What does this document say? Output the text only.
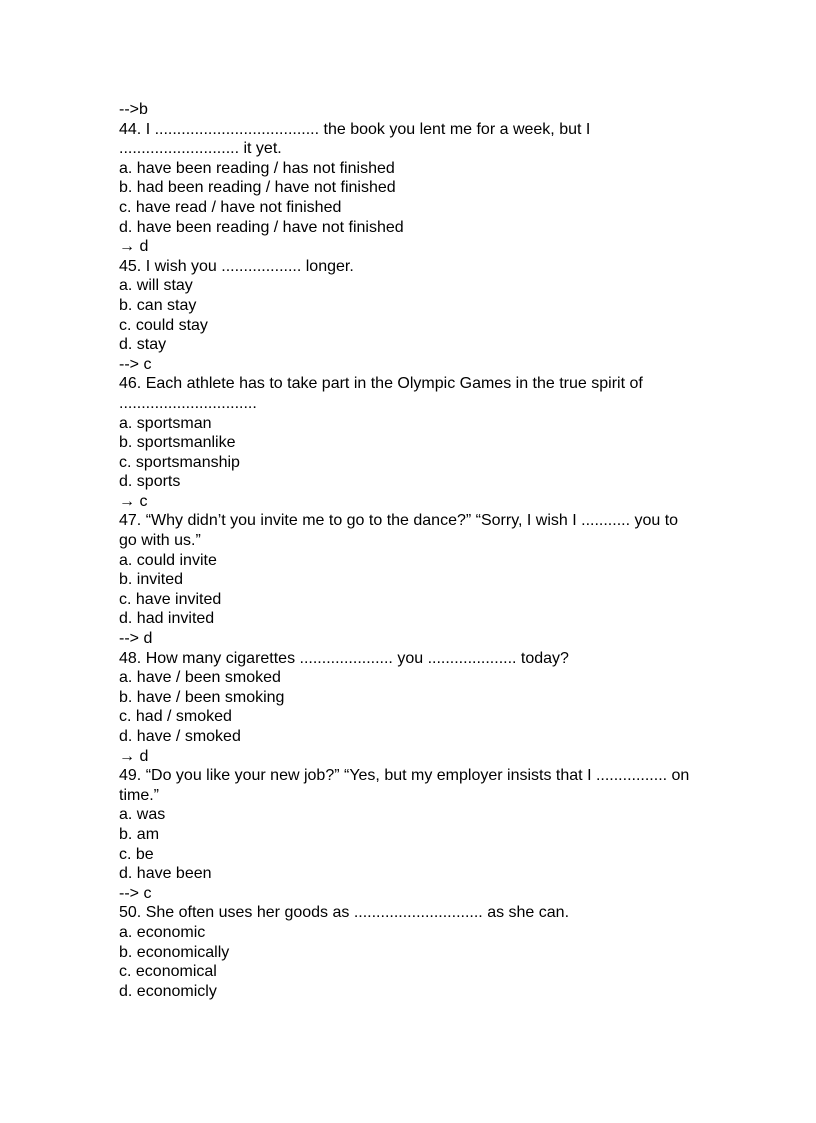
-->b
44. I ..................................... the book you lent me for a week, but I
........................... it yet.
a. have been reading / has not finished
b. had been reading / have not finished
c. have read / have not finished
d. have been reading / have not finished
→ d
45. I wish you .................. longer.
a. will stay
b. can stay
c. could stay
d. stay
--> c
46. Each athlete has to take part in the Olympic Games in the true spirit of
...............................
a. sportsman
b. sportsmanlike
c. sportsmanship
d. sports
→ c
47. “Why didn’t you invite me to go to the dance?” “Sorry, I wish I ........... you to
go with us.”
a. could invite
b. invited
c. have invited
d. had invited
--> d
48. How many cigarettes ..................... you .................... today?
a. have / been smoked
b. have / been smoking
c. had / smoked
d. have / smoked
→ d
49. “Do you like your new job?” “Yes, but my employer insists that I ................ on
time.”
a. was
b. am
c. be
d. have been
--> c
50. She often uses her goods as ............................. as she can.
a. economic
b. economically
c. economical
d. economicly
